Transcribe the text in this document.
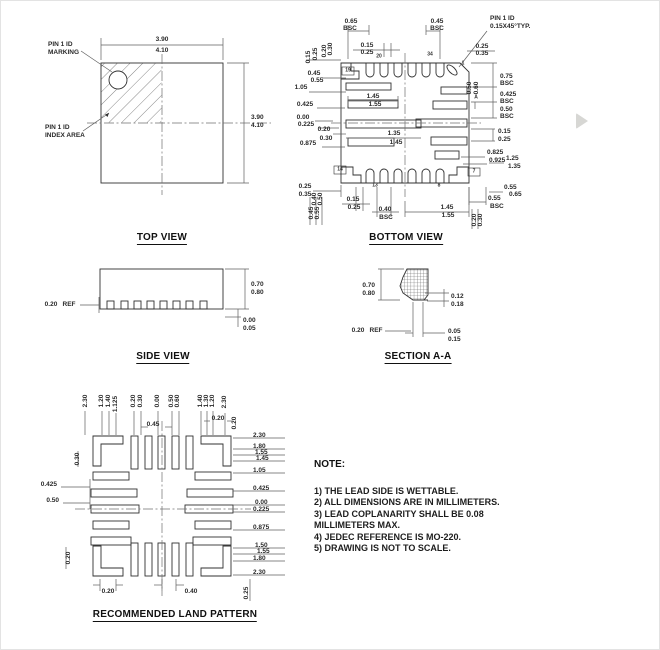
3.90
4.10
3.90
4.10
PIN 1 ID
MARKING
PIN 1 ID
INDEX AREA
0.65
BSC
0.45
BSC
PIN 1 ID
0.15X45°TYP.
0.15
0.25
20
0.25
0.35
0.15 0.25 0.20 0.30
0.45
0.55
1.05
0.425
0.00
0.225
0.20
0.30
0.875
1.45
1.55
1.35
1.45
19
34
1
7
8
13
14
A
0.50 0.60
0.75
BSC
0.425
BSC
0.50
BSC
0.15
0.25
0.825
0.925 1.25
1.35
0.55
0.65
0.55
BSC
0.25
0.35 0.40 0.50
0.45 0.55
0.15
0.25	0.40
BSC
1.45
1.55	0.20 0.30
0.20 REF
0.70
0.80
0.00
0.05
0.70
0.80	0.12
0.18
0.20 REF	0.05
0.15
2.30 1.20 1.40 1.125 0.20 0.30 0.00 0.50 0.60 1.40 1.30 1.20 2.30
0.45
0.20 0.20
0.30
0.425
0.50
0.20
0.20	0.40	0.25
2.30
1.80
1.55
1.45
1.05
0.425
0.00
0.225
0.875
1.50
1.55
1.80
2.30
TOP VIEW	BOTTOM VIEW
SIDE VIEW	SECTION A-A
RECOMMENDED LAND PATTERN
NOTE:
1) THE LEAD SIDE IS WETTABLE.
2) ALL DIMENSIONS ARE IN MILLIMETERS.
3) LEAD COPLANARITY SHALL BE 0.08
MILLIMETERS MAX.
4) JEDEC REFERENCE IS MO-220.
5) DRAWING IS NOT TO SCALE.
